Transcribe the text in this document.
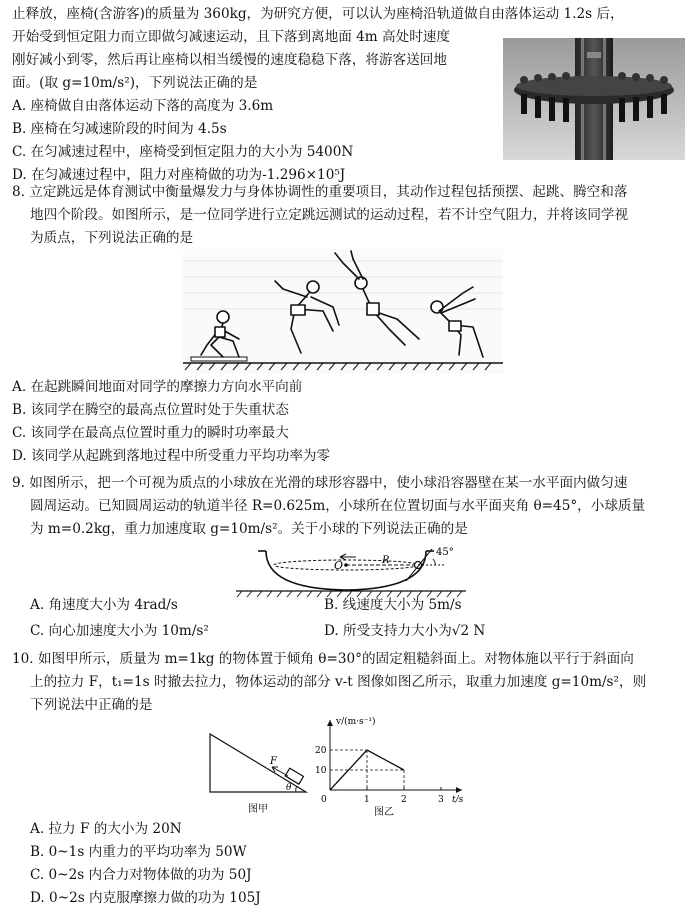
止释放，座椅(含游客)的质量为 360kg，为研究方便，可以认为座椅沿轨道做自由落体运动 1.2s 后，
开始受到恒定阻力而立即做匀减速运动，且下落到离地面 4m 高处时速度
刚好减小到零，然后再让座椅以相当缓慢的速度稳稳下落，将游客送回地
面。(取 g=10m/s²)，下列说法正确的是
A. 座椅做自由落体运动下落的高度为 3.6m
B. 座椅在匀减速阶段的时间为 4.5s
C. 在匀减速过程中，座椅受到恒定阻力的大小为 5400N
D. 在匀减速过程中，阻力对座椅做的功为-1.296×10⁵J
8. 立定跳远是体育测试中衡量爆发力与身体协调性的重要项目，其动作过程包括预摆、起跳、腾空和落
地四个阶段。如图所示，是一位同学进行立定跳远测试的运动过程，若不计空气阻力，并将该同学视
为质点，下列说法正确的是
A. 在起跳瞬间地面对同学的摩擦力方向水平向前
B. 该同学在腾空的最高点位置时处于失重状态
C. 该同学在最高点位置时重力的瞬时功率最大
D. 该同学从起跳到落地过程中所受重力平均功率为零
9. 如图所示，把一个可视为质点的小球放在光滑的球形容器中，使小球沿容器壁在某一水平面内做匀速
圆周运动。已知圆周运动的轨道半径 R=0.625m，小球所在位置切面与水平面夹角 θ=45°，小球质量
为 m=0.2kg，重力加速度取 g=10m/s²。关于小球的下列说法正确的是
O	R
45°
A. 角速度大小为 4rad/s	B. 线速度大小为 5m/s
C. 向心加速度大小为 10m/s²	D. 所受支持力大小为√2 N
10. 如图甲所示，质量为 m=1kg 的物体置于倾角 θ=30°的固定粗糙斜面上。对物体施以平行于斜面向
上的拉力 F，t₁=1s 时撤去拉力，物体运动的部分 v-t 图像如图乙所示，取重力加速度 g=10m/s²，则
下列说法中正确的是
F
θ
图甲
1	2	3
20
10
v/(m·s⁻¹)
t/s
0
图乙
A. 拉力 F 的大小为 20N
B. 0~1s 内重力的平均功率为 50W
C. 0~2s 内合力对物体做的功为 50J
D. 0~2s 内克服摩擦力做的功为 105J
